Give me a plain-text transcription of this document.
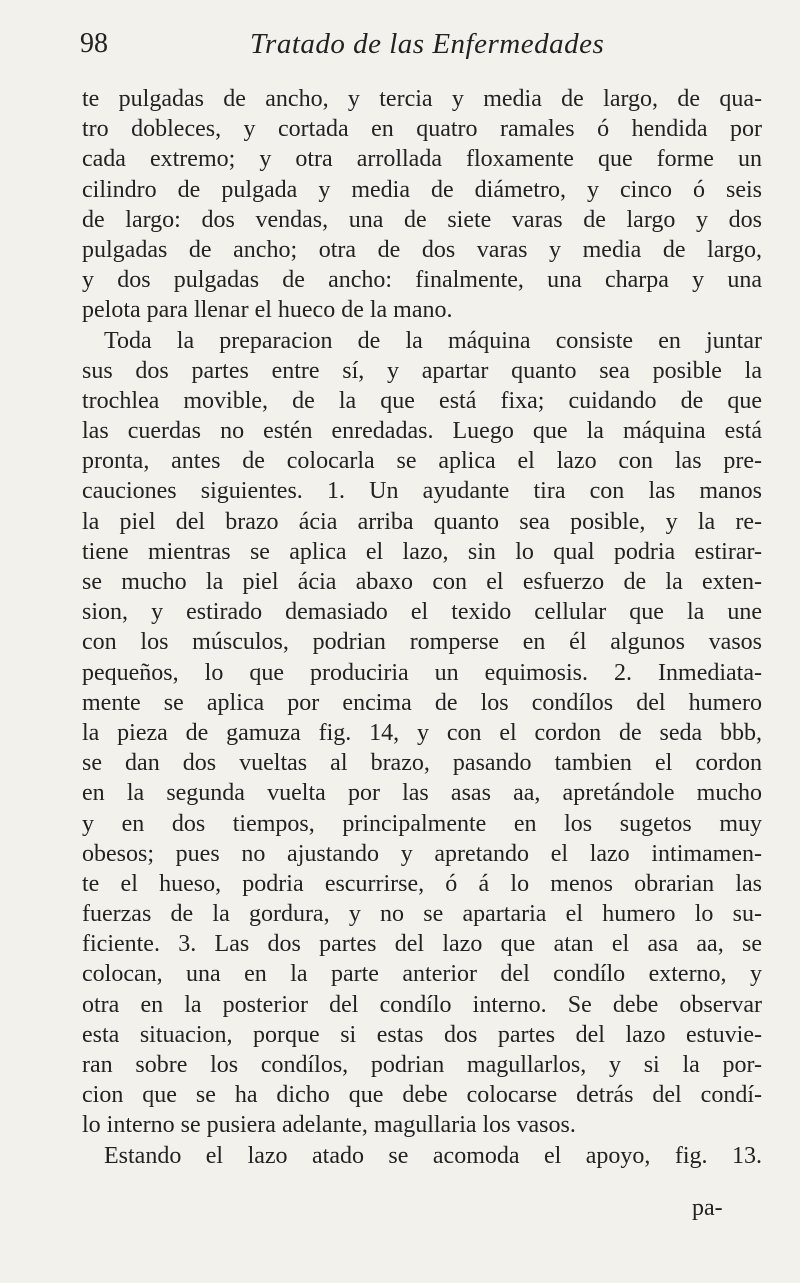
98	Tratado de las Enfermedades
te pulgadas de ancho, y tercia y media de largo, de qua-
tro dobleces, y cortada en quatro ramales ó hendida por
cada extremo; y otra arrollada floxamente que forme un
cilindro de pulgada y media de diámetro, y cinco ó seis
de largo: dos vendas, una de siete varas de largo y dos
pulgadas de ancho; otra de dos varas y media de largo,
y dos pulgadas de ancho: finalmente, una charpa y una
pelota para llenar el hueco de la mano.
Toda la preparacion de la máquina consiste en juntar
sus dos partes entre sí, y apartar quanto sea posible la
trochlea movible, de la que está fixa; cuidando de que
las cuerdas no estén enredadas. Luego que la máquina está
pronta, antes de colocarla se aplica el lazo con las pre-
cauciones siguientes. 1. Un ayudante tira con las manos
la piel del brazo ácia arriba quanto sea posible, y la re-
tiene mientras se aplica el lazo, sin lo qual podria estirar-
se mucho la piel ácia abaxo con el esfuerzo de la exten-
sion, y estirado demasiado el texido cellular que la une
con los músculos, podrian romperse en él algunos vasos
pequeños, lo que produciria un equimosis. 2. Inmediata-
mente se aplica por encima de los condílos del humero
la pieza de gamuza fig. 14, y con el cordon de seda bbb,
se dan dos vueltas al brazo, pasando tambien el cordon
en la segunda vuelta por las asas aa, apretándole mucho
y en dos tiempos, principalmente en los sugetos muy
obesos; pues no ajustando y apretando el lazo intimamen-
te el hueso, podria escurrirse, ó á lo menos obrarian las
fuerzas de la gordura, y no se apartaria el humero lo su-
ficiente. 3. Las dos partes del lazo que atan el asa aa, se
colocan, una en la parte anterior del condílo externo, y
otra en la posterior del condílo interno. Se debe observar
esta situacion, porque si estas dos partes del lazo estuvie-
ran sobre los condílos, podrian magullarlos, y si la por-
cion que se ha dicho que debe colocarse detrás del condí-
lo interno se pusiera adelante, magullaria los vasos.
Estando el lazo atado se acomoda el apoyo, fig. 13.
pa-
